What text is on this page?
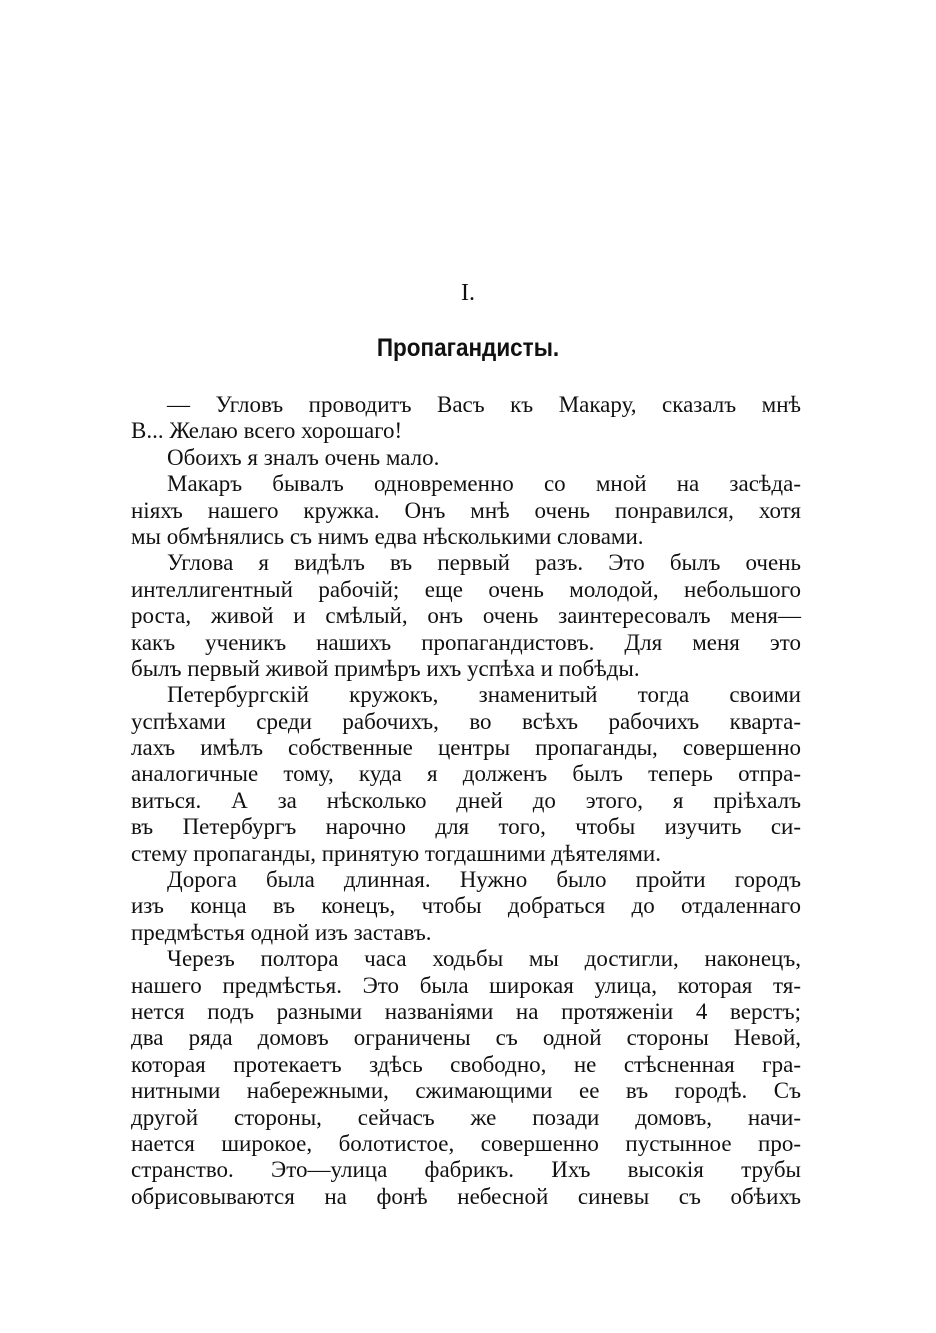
I.
Пропагандисты.
— Угловъ проводитъ Васъ къ Макару, сказалъ мнѣ
В... Желаю всего хорошаго!
Обоихъ я зналъ очень мало.
Макаръ бывалъ одновременно со мной на засѣда-
ніяхъ нашего кружка. Онъ мнѣ очень понравился, хотя
мы обмѣнялись съ нимъ едва нѣсколькими словами.
Углова я видѣлъ въ первый разъ. Это былъ очень
интеллигентный рабочій; еще очень молодой, небольшого
роста, живой и смѣлый, онъ очень заинтересовалъ меня—
какъ ученикъ нашихъ пропагандистовъ. Для меня это
былъ первый живой примѣръ ихъ успѣха и побѣды.
Петербургскій кружокъ, знаменитый тогда своими
успѣхами среди рабочихъ, во всѣхъ рабочихъ кварта-
лахъ имѣлъ собственные центры пропаганды, совершенно
аналогичные тому, куда я долженъ былъ теперь отпра-
виться. А за нѣсколько дней до этого, я пріѣхалъ
въ Петербургъ нарочно для того, чтобы изучить си-
стему пропаганды, принятую тогдашними дѣятелями.
Дорога была длинная. Нужно было пройти городъ
изъ конца въ конецъ, чтобы добраться до отдаленнаго
предмѣстья одной изъ заставъ.
Черезъ полтора часа ходьбы мы достигли, наконецъ,
нашего предмѣстья. Это была широкая улица, которая тя-
нется подъ разными названіями на протяженіи 4 верстъ;
два ряда домовъ ограничены съ одной стороны Невой,
которая протекаетъ здѣсь свободно, не стѣсненная гра-
нитными набережными, сжимающими ее въ городѣ. Съ
другой стороны, сейчасъ же позади домовъ, начи-
нается широкое, болотистое, совершенно пустынное про-
странство. Это—улица фабрикъ. Ихъ высокія трубы
обрисовываются на фонѣ небесной синевы съ обѣихъ
